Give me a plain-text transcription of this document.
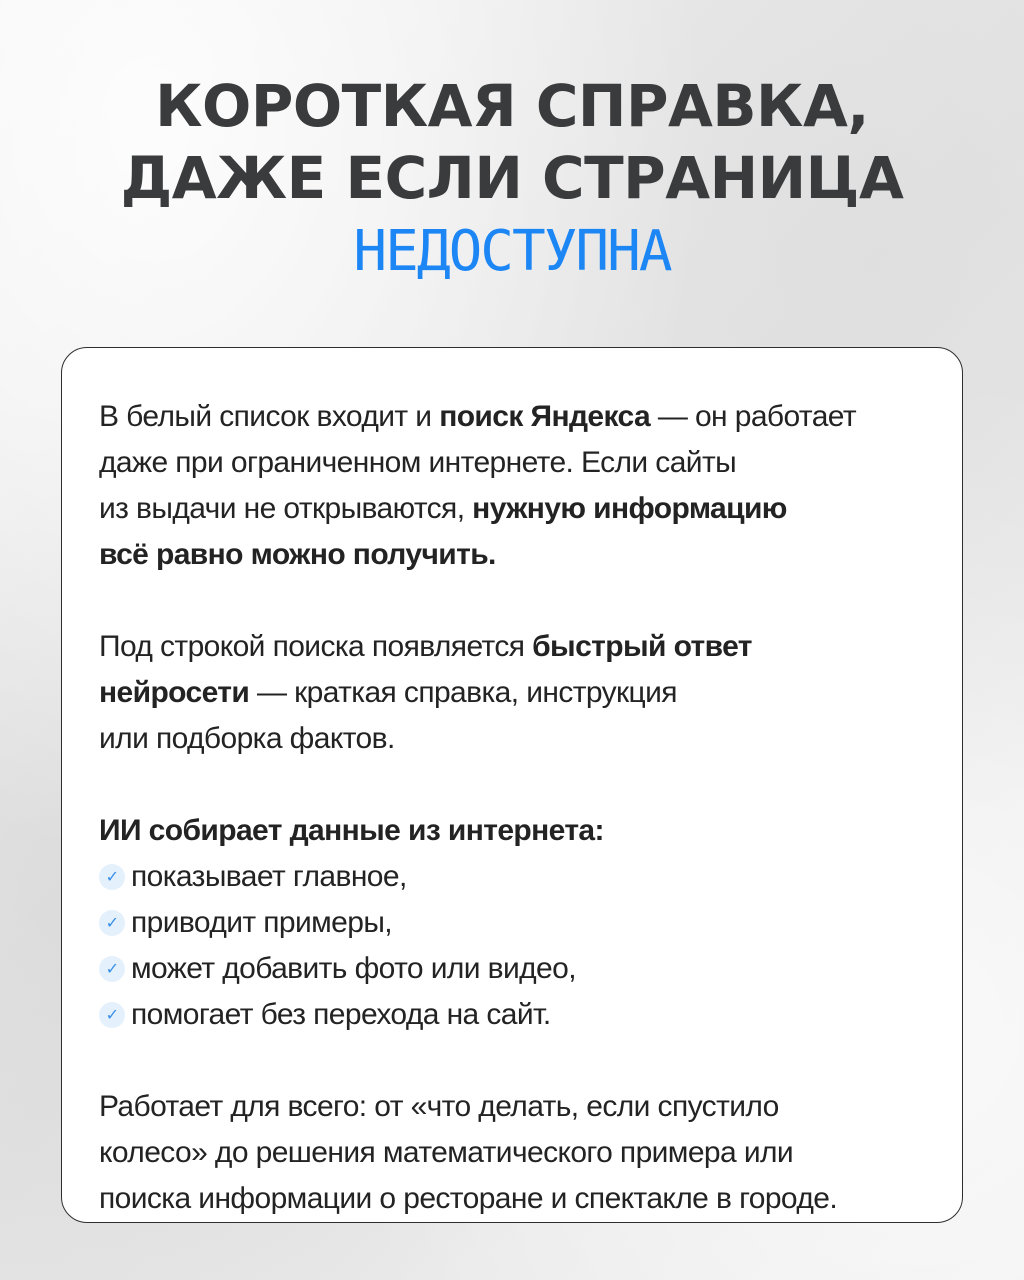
КОРОТКАЯ СПРАВКА,
ДАЖЕ ЕСЛИ СТРАНИЦА
НЕДОСТУПНА

В белый список входит и поиск Яндекса — он работает
даже при ограниченном интернете. Если сайты
из выдачи не открываются, нужную информацию
всё равно можно получить.

Под строкой поиска появляется быстрый ответ
нейросети — краткая справка, инструкция
или подборка фактов.

ИИ собирает данные из интернета:
✓ показывает главное,
✓ приводит примеры,
✓ может добавить фото или видео,
✓ помогает без перехода на сайт.

Работает для всего: от «что делать, если спустило
колесо» до решения математического примера или
поиска информации о ресторане и спектакле в городе.
